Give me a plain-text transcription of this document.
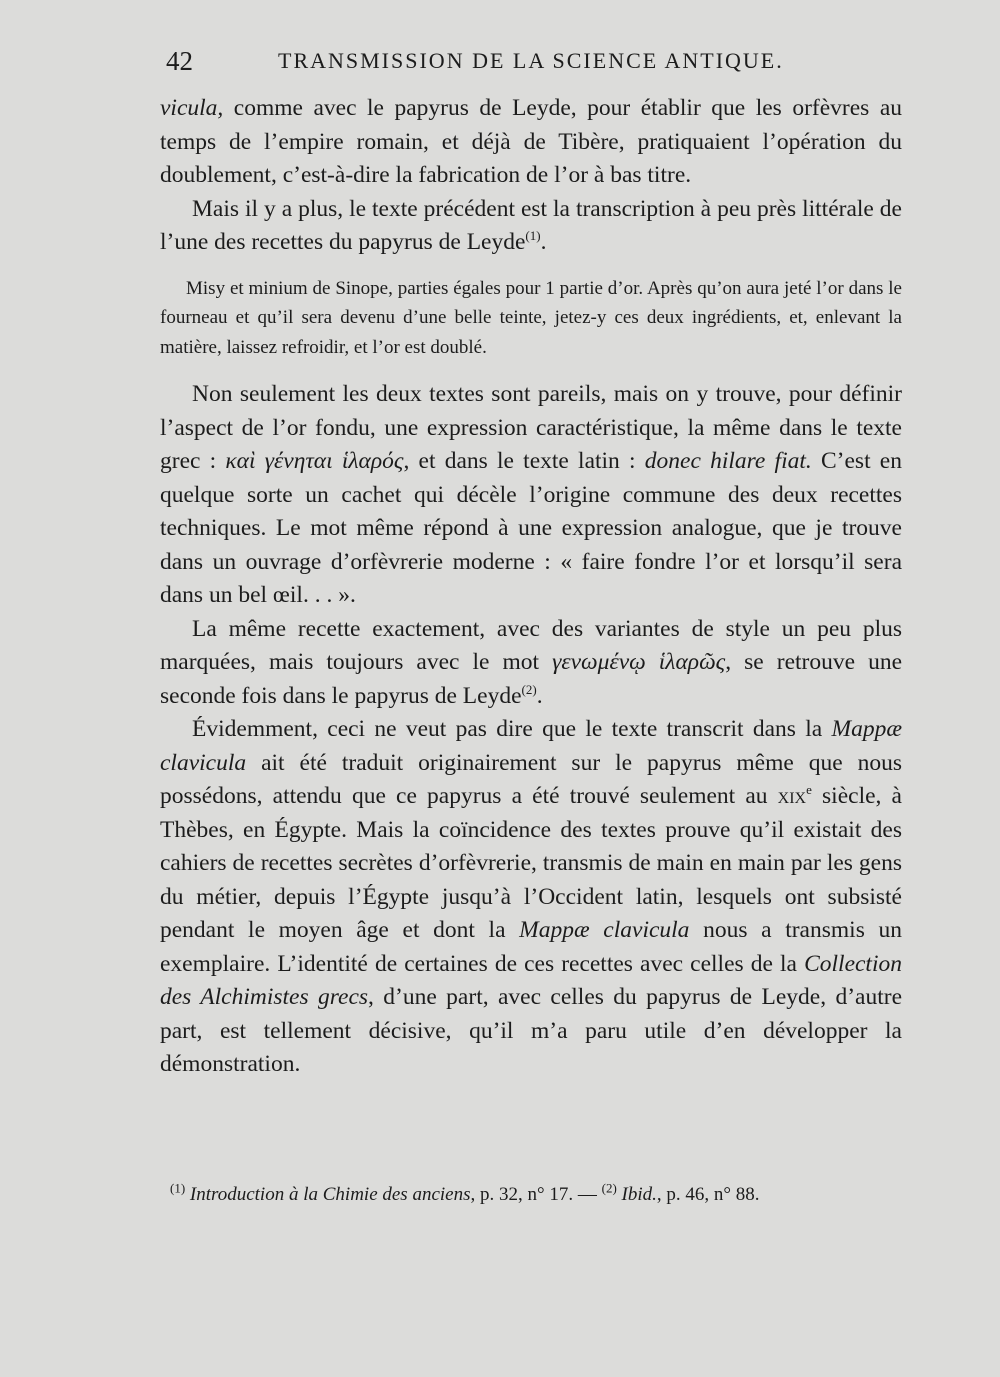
42	TRANSMISSION DE LA SCIENCE ANTIQUE.

vicula, comme avec le papyrus de Leyde, pour établir que les orfèvres au temps de l’empire romain, et déjà de Tibère, pratiquaient l’opération du doublement, c’est-à-dire la fabrication de l’or à bas titre.

Mais il y a plus, le texte précédent est la transcription à peu près littérale de l’une des recettes du papyrus de Leyde$^{(1)}$.

Misy et minium de Sinope, parties égales pour 1 partie d’or. Après qu’on aura jeté l’or dans le fourneau et qu’il sera devenu d’une belle teinte, jetez-y ces deux ingrédients, et, enlevant la matière, laissez refroidir, et l’or est doublé.

Non seulement les deux textes sont pareils, mais on y trouve, pour définir l’aspect de l’or fondu, une expression caractéristique, la même dans le texte grec : καὶ γένηται ἱλαρός, et dans le texte latin : donec hilare fiat. C’est en quelque sorte un cachet qui décèle l’origine commune des deux recettes techniques. Le mot même répond à une expression analogue, que je trouve dans un ouvrage d’orfèvrerie moderne : « faire fondre l’or et lorsqu’il sera dans un bel œil. . . ».

La même recette exactement, avec des variantes de style un peu plus marquées, mais toujours avec le mot γενωμένῳ ἱλαρῶς, se retrouve une seconde fois dans le papyrus de Leyde$^{(2)}$.

Évidemment, ceci ne veut pas dire que le texte transcrit dans la Mappæ clavicula ait été traduit originairement sur le papyrus même que nous possédons, attendu que ce papyrus a été trouvé seulement au xix$^e$ siècle, à Thèbes, en Égypte. Mais la coïncidence des textes prouve qu’il existait des cahiers de recettes secrètes d’orfèvrerie, transmis de main en main par les gens du métier, depuis l’Égypte jusqu’à l’Occident latin, lesquels ont subsisté pendant le moyen âge et dont la Mappæ clavicula nous a transmis un exemplaire. L’identité de certaines de ces recettes avec celles de la Collection des Alchimistes grecs, d’une part, avec celles du papyrus de Leyde, d’autre part, est tellement décisive, qu’il m’a paru utile d’en développer la démonstration.

$^{(1)}$ Introduction à la Chimie des anciens, p. 32, n° 17. — $^{(2)}$ Ibid., p. 46, n° 88.
